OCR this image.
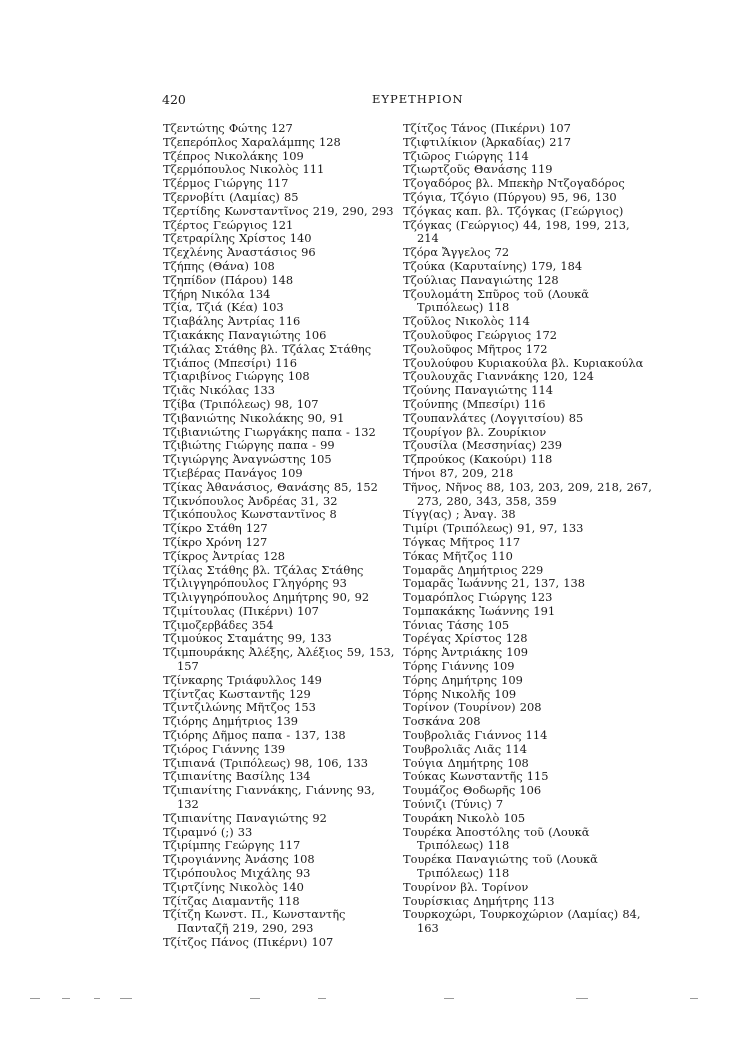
420	ΕΥΡΕΤΗΡΙΟΝ
Τζεντώτης Φώτης 127
Τζεπερόπλος Χαραλάμπης 128
Τζέπρος Νικολάκης 109
Τζερμόπουλος Νικολὸς 111
Τζέρμος Γιώργης 117
Τζερνοβίτι (Λαμίας) 85
Τζερτίδης Κωνσταντῖνος 219, 290, 293
Τζέρτος Γεώργιος 121
Τζετραρίλης Χρίστος 140
Τζεχλένης Ἀναστάσιος 96
Τζήπης (Θάνα) 108
Τζηπίδον (Πάρου) 148
Τζήρη Νικόλα 134
Τζία, Τζιά (Κέα) 103
Τζιαβάλης Ἀντρίας 116
Τζιακάκης Παναγιώτης 106
Τζιάλας Στάθης βλ. Τζάλας Στάθης
Τζιάπος (Μπεσίρι) 116
Τζιαριβίνος Γιώργης 108
Τζιᾶς Νικόλας 133
Τζίβα (Τριπόλεως) 98, 107
Τζιβανιώτης Νικολάκης 90, 91
Τζιβιανιώτης Γιωργάκης παπα - 132
Τζιβιώτης Γιώργης παπα - 99
Τζιγιώργης Ἀναγνώστης 105
Τζιεβέρας Πανάγος 109
Τζίκας Ἀθανάσιος, Θανάσης 85, 152
Τζικνόπουλος Ἀνδρέας 31, 32
Τζικόπουλος Κωνσταντῖνος 8
Τζίκρο Στάθη 127
Τζίκρο Χρόνη 127
Τζίκρος Ἀντρίας 128
Τζίλας Στάθης βλ. Τζάλας Στάθης
Τζιλιγγηρόπουλος Γληγόρης 93
Τζιλιγγηρόπουλος Δημήτρης 90, 92
Τζιμίτουλας (Πικέρνι) 107
Τζιμοζερβάδες 354
Τζιμούκος Σταμάτης 99, 133
Τζιμπουράκης Ἀλέξης, Ἀλέξιος 59, 153, 157
Τζίνκαρης Τριάφυλλος 149
Τζίντζας Κωσταντῆς 129
Τζιντζιλώνης Μῆτζος 153
Τζιόρης Δημήτριος 139
Τζιόρης Δῆμος παπα - 137, 138
Τζιόρος Γιάννης 139
Τζιπιανά (Τριπόλεως) 98, 106, 133
Τζιπιανίτης Βασίλης 134
Τζιπιανίτης Γιαννάκης, Γιάννης 93, 132
Τζιπιανίτης Παναγιώτης 92
Τζιραμνό (;) 33
Τζιρίμπης Γεώργης 117
Τζιρογιάννης Ἀνάσης 108
Τζιρόπουλος Μιχάλης 93
Τζιρτζίνης Νικολὸς 140
Τζίτζας Διαμαντῆς 118
Τζίτζη Κωνστ. Π., Κωνσταντῆς Πανταζῆ 219, 290, 293
Τζίτζος Πάνος (Πικέρνι) 107
Τζίτζος Τάνος (Πικέρνι) 107
Τζιφτιλίκιον (Ἀρκαδίας) 217
Τζιῶρος Γιώργης 114
Τζιωρτζοῦς Θανάσης 119
Τζογαδόρος βλ. Μπεκὴρ Ντζογαδόρος
Τζόγια, Τζόγιο (Πύργου) 95, 96, 130
Τζόγκας καπ. βλ. Τζόγκας (Γεώργιος)
Τζόγκας (Γεώργιος) 44, 198, 199, 213, 214
Τζόρα Ἄγγελος 72
Τζούκα (Καρυταίνης) 179, 184
Τζούλιας Παναγιώτης 128
Τζουλομάτη Σπῦρος τοῦ (Λουκᾶ Τριπόλεως) 118
Τζοῦλος Νικολὸς 114
Τζουλοῦφος Γεώργιος 172
Τζουλοῦφος Μῆτρος 172
Τζουλούφου Κυριακούλα βλ. Κυριακούλα
Τζουλουχᾶς Γιαννάκης 120, 124
Τζούνης Παναγιώτης 114
Τζούνπης (Μπεσίρι) 116
Τζουπανλάτες (Λογγιτσίου) 85
Τζουρίγον βλ. Ζουρίκιον
Τζουσίλα (Μεσσηνίας) 239
Τζπρούκος (Κακούρι) 118
Τήνοι 87, 209, 218
Τῆνος, Νῆνος 88, 103, 203, 209, 218, 267, 273, 280, 343, 358, 359
Τίγγ(ας) ; Ἀναγ. 38
Τιμίρι (Τριπόλεως) 91, 97, 133
Τόγκας Μῆτρος 117
Τόκας Μῆτζος 110
Τομαρᾶς Δημήτριος 229
Τομαρᾶς Ἰωάννης 21, 137, 138
Τομαρόπλος Γιώργης 123
Τομπακάκης Ἰωάννης 191
Τόνιας Τάσης 105
Τορέγας Χρίστος 128
Τόρης Ἀντριάκης 109
Τόρης Γιάννης 109
Τόρης Δημήτρης 109
Τόρης Νικολῆς 109
Τορίνον (Τουρίνον) 208
Τοσκάνα 208
Τουβρολιᾶς Γιάννος 114
Τουβρολιᾶς Λιᾶς 114
Τούγια Δημήτρης 108
Τούκας Κωνσταντῆς 115
Τουμάζος Θοδωρῆς 106
Τούνιζι (Τύνις) 7
Τουράκη Νικολὸ 105
Τουρέκα Ἀποστόλης τοῦ (Λουκᾶ Τριπόλεως) 118
Τουρέκα Παναγιώτης τοῦ (Λουκᾶ Τριπόλεως) 118
Τουρίνον βλ. Τορίνον
Τουρίσκιας Δημήτρης 113
Τουρκοχώρι, Τουρκοχώριον (Λαμίας) 84, 163
